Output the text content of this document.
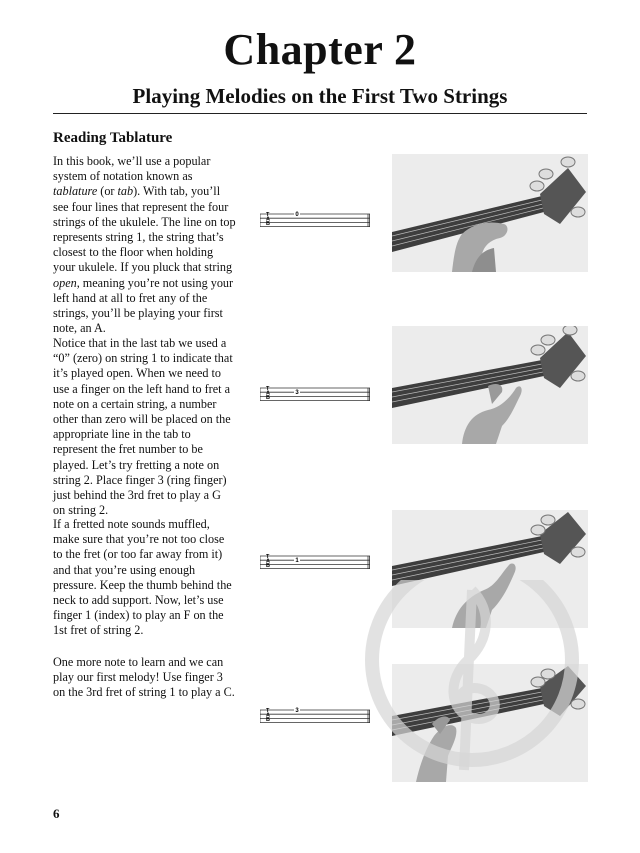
Chapter 2
Playing Melodies on the First Two Strings
Reading Tablature

In this book, we’ll use a popular system of notation known as tablature (or tab). With tab, you’ll see four lines that represent the four strings of the ukulele. The line on top represents string 1, the string that’s closest to the floor when holding your ukulele. If you pluck that string open, meaning you’re not using your left hand at all to fret any of the strings, you’ll be playing your first note, an A.

Notice that in the last tab we used a “0” (zero) on string 1 to indicate that it’s played open. When we need to use a finger on the left hand to fret a note on a certain string, a number other than zero will be placed on the appropriate line in the tab to represent the fret number to be played. Let’s try fretting a note on string 2. Place finger 3 (ring finger) just behind the 3rd fret to play a G on string 2.

If a fretted note sounds muffled, make sure that you’re not too close to the fret (or too far away from it) and that you’re using enough pressure. Keep the thumb behind the neck to add support. Now, let’s use finger 1 (index) to play an F on the 1st fret of string 2.

One more note to learn and we can play our first melody! Use finger 3 on the 3rd fret of string 1 to play a C.

T
A
B
0
T
A
B
3
T
A
B
1
T
A
B
3
6
